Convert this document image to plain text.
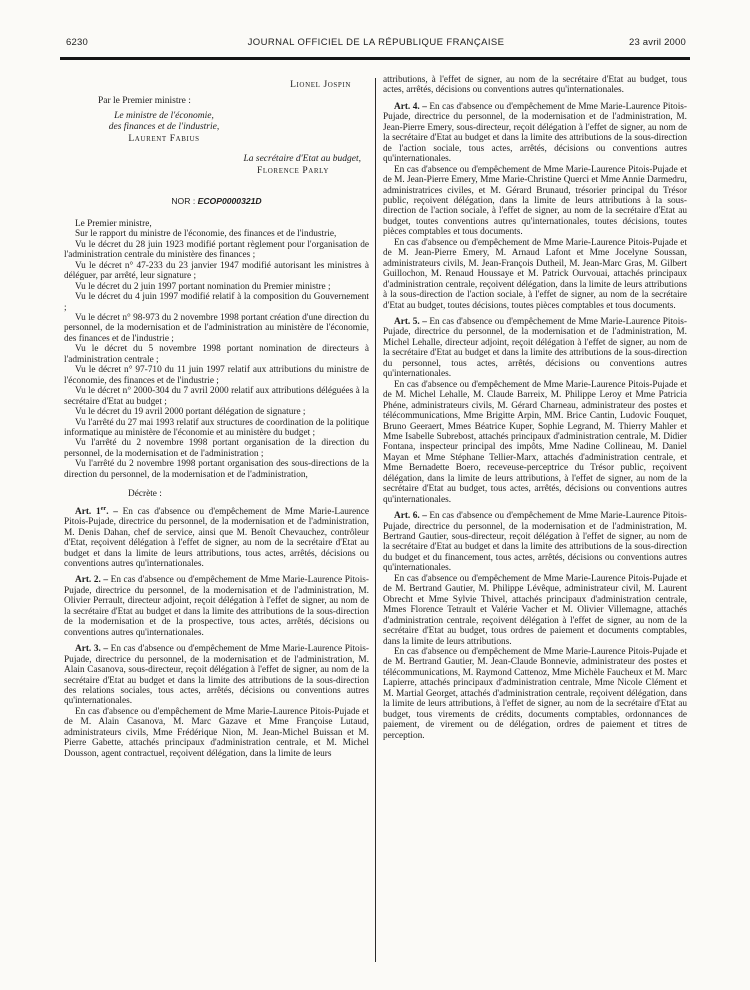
6230	JOURNAL OFFICIEL DE LA RÉPUBLIQUE FRANÇAISE	23 avril 2000
Lionel Jospin
Par le Premier ministre :
Le ministre de l'économie,
des finances et de l'industrie,
Laurent Fabius
La secrétaire d'Etat au budget,
Florence Parly
NOR : ECOP0000321D

Le Premier ministre,

Sur le rapport du ministre de l'économie, des finances et de l'industrie,

Vu le décret du 28 juin 1923 modifié portant règlement pour l'organisation de l'administration centrale du ministère des finances ;

Vu le décret n° 47-233 du 23 janvier 1947 modifié autorisant les ministres à déléguer, par arrêté, leur signature ;

Vu le décret du 2 juin 1997 portant nomination du Premier ministre ;

Vu le décret du 4 juin 1997 modifié relatif à la composition du Gouvernement ;

Vu le décret n° 98-973 du 2 novembre 1998 portant création d'une direction du personnel, de la modernisation et de l'administration au ministère de l'économie, des finances et de l'industrie ;

Vu le décret du 5 novembre 1998 portant nomination de directeurs à l'administration centrale ;

Vu le décret n° 97-710 du 11 juin 1997 relatif aux attributions du ministre de l'économie, des finances et de l'industrie ;

Vu le décret n° 2000-304 du 7 avril 2000 relatif aux attributions déléguées à la secrétaire d'Etat au budget ;

Vu le décret du 19 avril 2000 portant délégation de signature ;

Vu l'arrêté du 27 mai 1993 relatif aux structures de coordination de la politique informatique au ministère de l'économie et au ministère du budget ;

Vu l'arrêté du 2 novembre 1998 portant organisation de la direction du personnel, de la modernisation et de l'administration ;

Vu l'arrêté du 2 novembre 1998 portant organisation des sous-directions de la direction du personnel, de la modernisation et de l'administration,

Décrète :

Art. 1er. – En cas d'absence ou d'empêchement de Mme Marie-Laurence Pitois-Pujade, directrice du personnel, de la modernisation et de l'administration, M. Denis Dahan, chef de service, ainsi que M. Benoît Chevauchez, contrôleur d'Etat, reçoivent délégation à l'effet de signer, au nom de la secrétaire d'Etat au budget et dans la limite de leurs attributions, tous actes, arrêtés, décisions ou conventions autres qu'internationales.

Art. 2. – En cas d'absence ou d'empêchement de Mme Marie-Laurence Pitois-Pujade, directrice du personnel, de la modernisation et de l'administration, M. Olivier Perrault, directeur adjoint, reçoit délégation à l'effet de signer, au nom de la secrétaire d'Etat au budget et dans la limite des attributions de la sous-direction de la modernisation et de la prospective, tous actes, arrêtés, décisions ou conventions autres qu'internationales.

Art. 3. – En cas d'absence ou d'empêchement de Mme Marie-Laurence Pitois-Pujade, directrice du personnel, de la modernisation et de l'administration, M. Alain Casanova, sous-directeur, reçoit délégation à l'effet de signer, au nom de la secrétaire d'Etat au budget et dans la limite des attributions de la sous-direction des relations sociales, tous actes, arrêtés, décisions ou conventions autres qu'internationales.

En cas d'absence ou d'empêchement de Mme Marie-Laurence Pitois-Pujade et de M. Alain Casanova, M. Marc Gazave et Mme Françoise Lutaud, administrateurs civils, Mme Frédérique Nion, M. Jean-Michel Buissan et M. Pierre Gabette, attachés principaux d'administration centrale, et M. Michel Dousson, agent contractuel, reçoivent délégation, dans la limite de leurs

attributions, à l'effet de signer, au nom de la secrétaire d'Etat au budget, tous actes, arrêtés, décisions ou conventions autres qu'internationales.

Art. 4. – En cas d'absence ou d'empêchement de Mme Marie-Laurence Pitois-Pujade, directrice du personnel, de la modernisation et de l'administration, M. Jean-Pierre Emery, sous-directeur, reçoit délégation à l'effet de signer, au nom de la secrétaire d'Etat au budget et dans la limite des attributions de la sous-direction de l'action sociale, tous actes, arrêtés, décisions ou conventions autres qu'internationales.

En cas d'absence ou d'empêchement de Mme Marie-Laurence Pitois-Pujade et de M. Jean-Pierre Emery, Mme Marie-Christine Querci et Mme Annie Darmedru, administratrices civiles, et M. Gérard Brunaud, trésorier principal du Trésor public, reçoivent délégation, dans la limite de leurs attributions à la sous-direction de l'action sociale, à l'effet de signer, au nom de la secrétaire d'Etat au budget, toutes conventions autres qu'internationales, toutes décisions, toutes pièces comptables et tous documents.

En cas d'absence ou d'empêchement de Mme Marie-Laurence Pitois-Pujade et de M. Jean-Pierre Emery, M. Arnaud Lafont et Mme Jocelyne Soussan, administrateurs civils, M. Jean-François Dutheil, M. Jean-Marc Gras, M. Gilbert Guillochon, M. Renaud Houssaye et M. Patrick Ourvouai, attachés principaux d'administration centrale, reçoivent délégation, dans la limite de leurs attributions à la sous-direction de l'action sociale, à l'effet de signer, au nom de la secrétaire d'Etat au budget, toutes décisions, toutes pièces comptables et tous documents.

Art. 5. – En cas d'absence ou d'empêchement de Mme Marie-Laurence Pitois-Pujade, directrice du personnel, de la modernisation et de l'administration, M. Michel Lehalle, directeur adjoint, reçoit délégation à l'effet de signer, au nom de la secrétaire d'Etat au budget et dans la limite des attributions de la sous-direction du personnel, tous actes, arrêtés, décisions ou conventions autres qu'internationales.

En cas d'absence ou d'empêchement de Mme Marie-Laurence Pitois-Pujade et de M. Michel Lehalle, M. Claude Barreix, M. Philippe Leroy et Mme Patricia Phéne, administrateurs civils, M. Gérard Charneau, administrateur des postes et télécommunications, Mme Brigitte Arpin, MM. Brice Cantin, Ludovic Fouquet, Bruno Geeraert, Mmes Béatrice Kuper, Sophie Legrand, M. Thierry Mahler et Mme Isabelle Subrebost, attachés principaux d'administration centrale, M. Didier Fontana, inspecteur principal des impôts, Mme Nadine Collineau, M. Daniel Mayan et Mme Stéphane Tellier-Marx, attachés d'administration centrale, et Mme Bernadette Boero, receveuse-perceptrice du Trésor public, reçoivent délégation, dans la limite de leurs attributions, à l'effet de signer, au nom de la secrétaire d'Etat au budget, tous actes, arrêtés, décisions ou conventions autres qu'internationales.

Art. 6. – En cas d'absence ou d'empêchement de Mme Marie-Laurence Pitois-Pujade, directrice du personnel, de la modernisation et de l'administration, M. Bertrand Gautier, sous-directeur, reçoit délégation à l'effet de signer, au nom de la secrétaire d'Etat au budget et dans la limite des attributions de la sous-direction du budget et du financement, tous actes, arrêtés, décisions ou conventions autres qu'internationales.

En cas d'absence ou d'empêchement de Mme Marie-Laurence Pitois-Pujade et de M. Bertrand Gautier, M. Philippe Lévêque, administrateur civil, M. Laurent Obrecht et Mme Sylvie Thivel, attachés principaux d'administration centrale, Mmes Florence Tetrault et Valérie Vacher et M. Olivier Villemagne, attachés d'administration centrale, reçoivent délégation à l'effet de signer, au nom de la secrétaire d'Etat au budget, tous ordres de paiement et documents comptables, dans la limite de leurs attributions.

En cas d'absence ou d'empêchement de Mme Marie-Laurence Pitois-Pujade et de M. Bertrand Gautier, M. Jean-Claude Bonnevie, administrateur des postes et télécommunications, M. Raymond Cattenoz, Mme Michèle Faucheux et M. Marc Lapierre, attachés principaux d'administration centrale, Mme Nicole Clément et M. Martial Georget, attachés d'administration centrale, reçoivent délégation, dans la limite de leurs attributions, à l'effet de signer, au nom de la secrétaire d'Etat au budget, tous virements de crédits, documents comptables, ordonnances de paiement, de virement ou de délégation, ordres de paiement et titres de perception.
